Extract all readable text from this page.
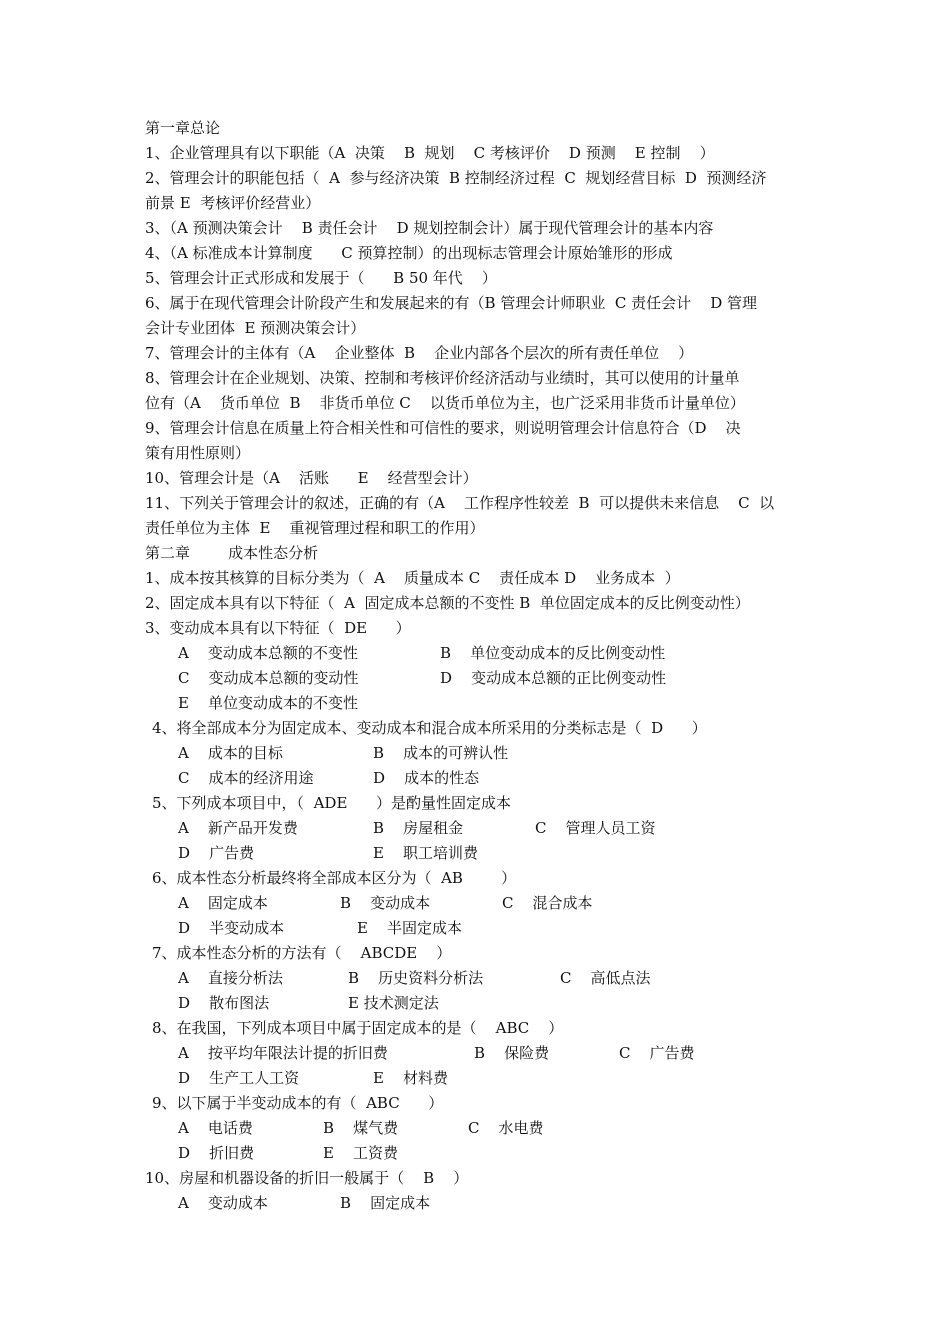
第一章总论
1、企业管理具有以下职能（A  决策    B  规划    C 考核评价    D 预测    E 控制    ）
2、管理会计的职能包括（  A  参与经济决策  B 控制经济过程  C  规划经营目标  D  预测经济
前景 E  考核评价经营业）
3、（A 预测决策会计    B 责任会计    D 规划控制会计）属于现代管理会计的基本内容
4、（A 标准成本计算制度      C 预算控制）的出现标志管理会计原始雏形的形成
5、管理会计正式形成和发展于（      B 50 年代    ）
6、属于在现代管理会计阶段产生和发展起来的有（B 管理会计师职业  C 责任会计    D 管理
会计专业团体  E 预测决策会计）
7、管理会计的主体有（A    企业整体  B    企业内部各个层次的所有责任单位    ）
8、管理会计在企业规划、决策、控制和考核评价经济活动与业绩时，其可以使用的计量单
位有（A    货币单位  B    非货币单位 C    以货币单位为主，也广泛采用非货币计量单位）
9、管理会计信息在质量上符合相关性和可信性的要求，则说明管理会计信息符合（D    决
策有用性原则）
10、管理会计是（A    活账      E    经营型会计）
11、下列关于管理会计的叙述，正确的有（A    工作程序性较差  B  可以提供未来信息    C  以
责任单位为主体  E    重视管理过程和职工的作用）
第二章        成本性态分析
1、成本按其核算的目标分类为（  A    质量成本 C    责任成本 D    业务成本  ）
2、固定成本具有以下特征（  A  固定成本总额的不变性 B  单位固定成本的反比例变动性）
3、变动成本具有以下特征（  DE      ）
A    变动成本总额的不变性	B    单位变动成本的反比例变动性
C    变动成本总额的变动性	D    变动成本总额的正比例变动性
E    单位变动成本的不变性
4、将全部成本分为固定成本、变动成本和混合成本所采用的分类标志是（  D      ）
A    成本的目标	B    成本的可辨认性
C    成本的经济用途	D    成本的性态
5、下列成本项目中，（  ADE      ）是酌量性固定成本
A    新产品开发费	B    房屋租金	C    管理人员工资
D    广告费	E    职工培训费
6、成本性态分析最终将全部成本区分为（  AB        ）
A    固定成本	B    变动成本	C    混合成本
D    半变动成本	E    半固定成本
7、成本性态分析的方法有（    ABCDE    ）
A    直接分析法	B    历史资料分析法	C    高低点法
D    散布图法	E 技术测定法
8、在我国，下列成本项目中属于固定成本的是（    ABC    ）
A    按平均年限法计提的折旧费	B    保险费	C    广告费
D    生产工人工资	E    材料费
9、以下属于半变动成本的有（  ABC      ）
A    电话费	B    煤气费	C    水电费
D    折旧费	E    工资费
10、房屋和机器设备的折旧一般属于（    B    ）
A    变动成本	B    固定成本
